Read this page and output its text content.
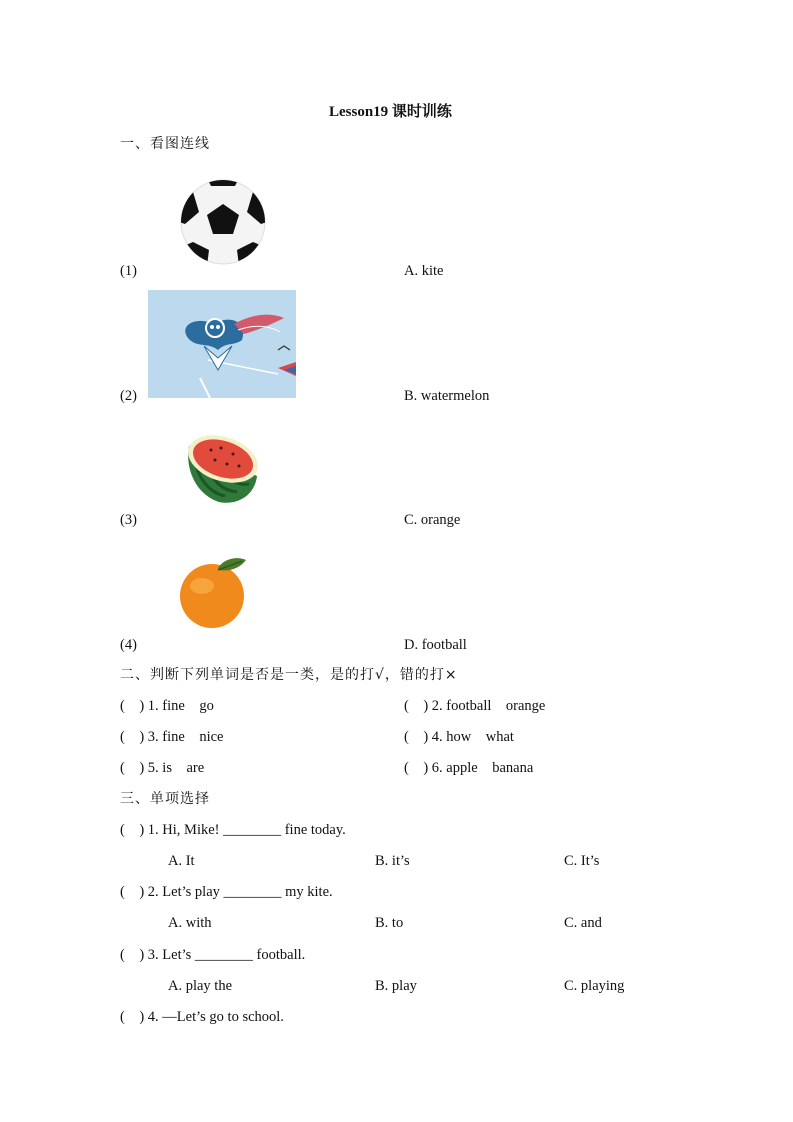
Lesson19 课时训练
一、看图连线
(1)	A. kite
(2)	B. watermelon
(3)	C. orange
(4)	D. football
二、判断下列单词是否是一类，是的打√，错的打×
(    ) 1. fine    go	(    ) 2. football    orange
(    ) 3. fine    nice	(    ) 4. how    what
(    ) 5. is    are	(    ) 6. apple    banana
三、单项选择
(    ) 1. Hi, Mike! ________ fine today.
A. It	B. it’s	C. It’s
(    ) 2. Let’s play ________ my kite.
A. with	B. to	C. and
(    ) 3. Let’s ________ football.
A. play the	B. play	C. playing
(    ) 4. —Let’s go to school.
